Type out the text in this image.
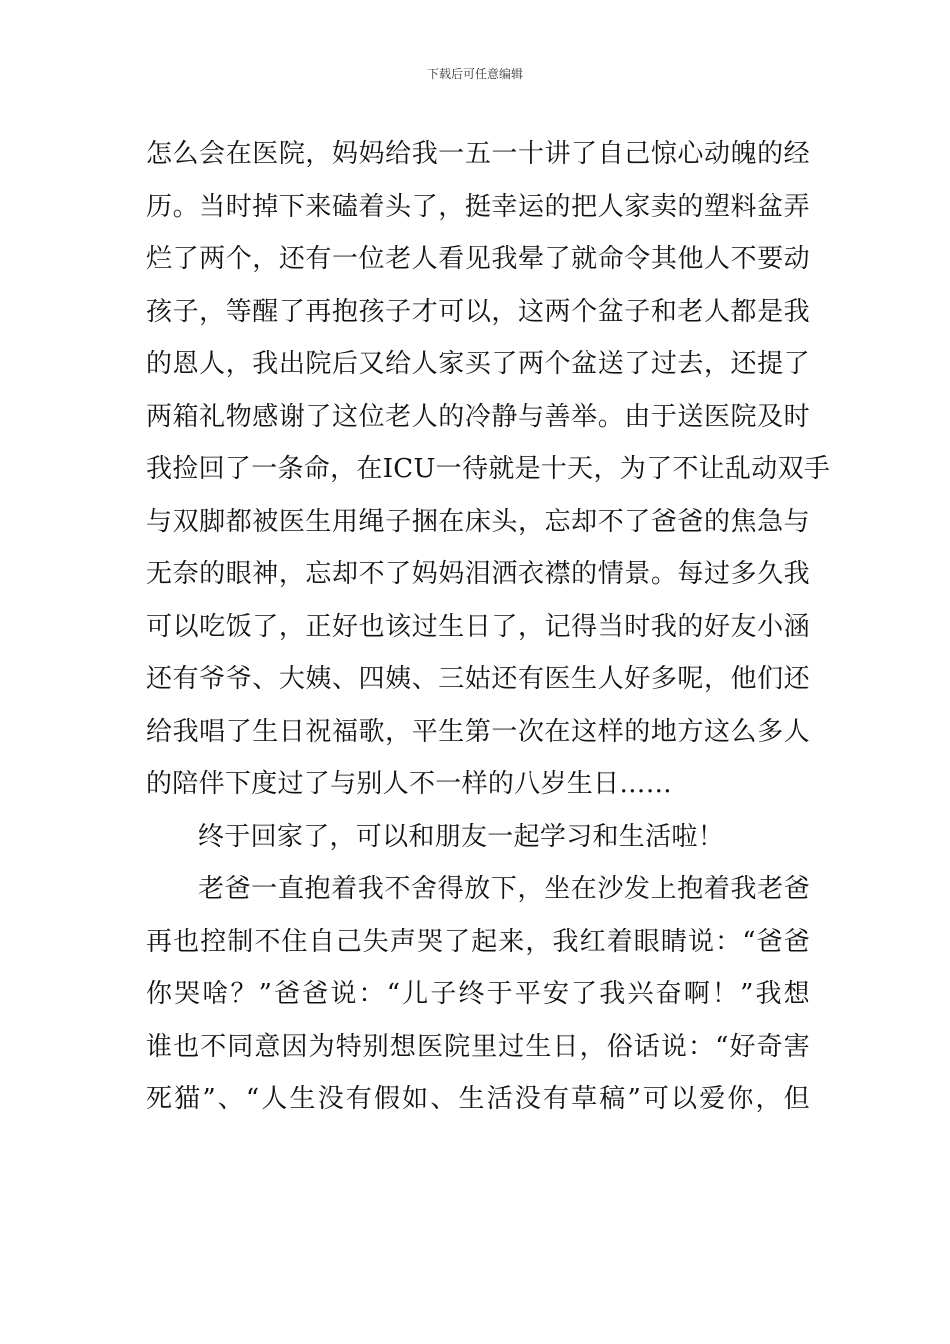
下载后可任意编辑
怎么会在医院，妈妈给我一五一十讲了自己惊心动魄的经
历。当时掉下来磕着头了，挺幸运的把人家卖的塑料盆弄
烂了两个，还有一位老人看见我晕了就命令其他人不要动
孩子，等醒了再抱孩子才可以，这两个盆子和老人都是我
的恩人，我出院后又给人家买了两个盆送了过去，还提了
两箱礼物感谢了这位老人的冷静与善举。由于送医院及时
我捡回了一条命，在ICU一待就是十天，为了不让乱动双手
与双脚都被医生用绳子捆在床头，忘却不了爸爸的焦急与
无奈的眼神，忘却不了妈妈泪洒衣襟的情景。每过多久我
可以吃饭了，正好也该过生日了，记得当时我的好友小涵
还有爷爷、大姨、四姨、三姑还有医生人好多呢，他们还
给我唱了生日祝福歌，平生第一次在这样的地方这么多人
的陪伴下度过了与别人不一样的八岁生日……
终于回家了，可以和朋友一起学习和生活啦！
老爸一直抱着我不舍得放下，坐在沙发上抱着我老爸
再也控制不住自己失声哭了起来，我红着眼睛说：“爸爸
你哭啥？”爸爸说：“儿子终于平安了我兴奋啊！”我想
谁也不同意因为特别想医院里过生日，俗话说：“好奇害
死猫”、“人生没有假如、生活没有草稿”可以爱你，但
